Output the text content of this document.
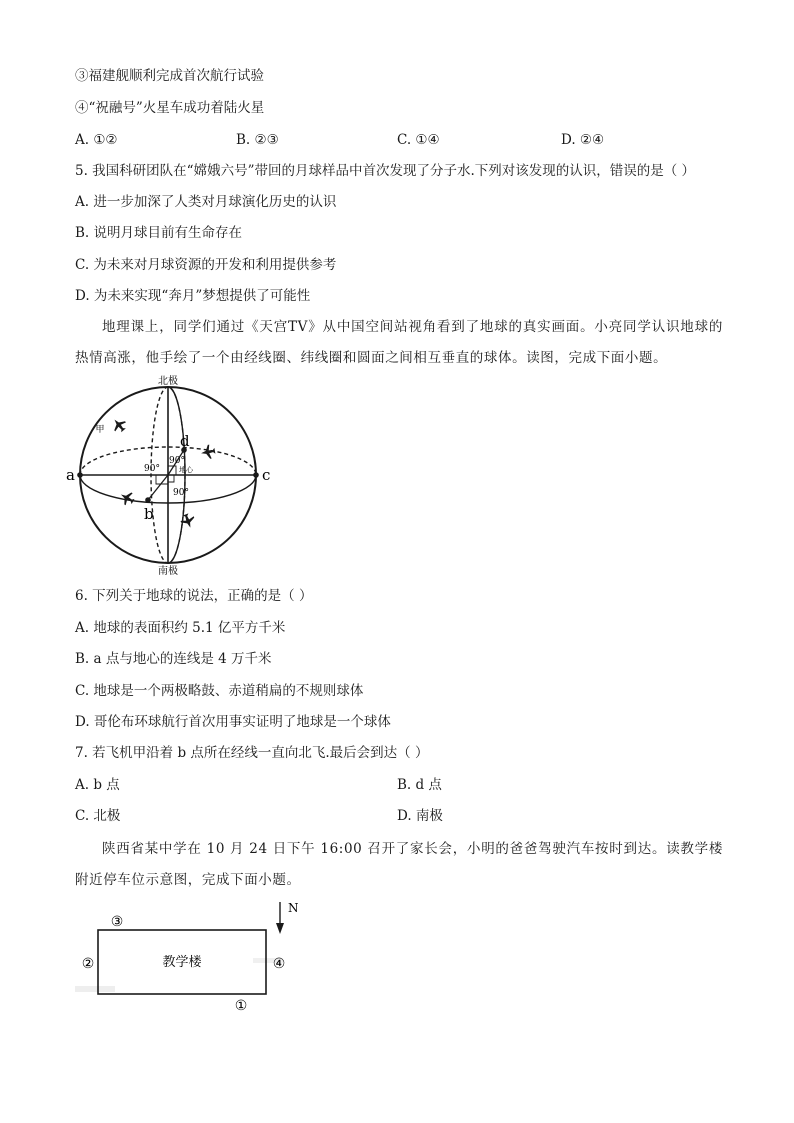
③福建舰顺利完成首次航行试验
④“祝融号”火星车成功着陆火星
A. ①②	B. ②③	C. ①④	D. ②④
5. 我国科研团队在“嫦娥六号”带回的月球样品中首次发现了分子水.下列对该发现的认识，错误的是（ ）
A. 进一步加深了人类对月球演化历史的认识
B. 说明月球目前有生命存在
C. 为未来对月球资源的开发和利用提供参考
D. 为未来实现“奔月”梦想提供了可能性
地理课上，同学们通过《天宫TV》从中国空间站视角看到了地球的真实画面。小亮同学认识地球的热情高涨，他手绘了一个由经线圈、纬线圈和圆面之间相互垂直的球体。读图，完成下面小题。
北极
南极
甲
a	c
d
b
地心
90°
90°
90°
6. 下列关于地球的说法，正确的是（ ）
A. 地球的表面积约 5.1 亿平方千米
B. a 点与地心的连线是 4 万千米
C. 地球是一个两极略鼓、赤道稍扁的不规则球体
D. 哥伦布环球航行首次用事实证明了地球是一个球体
7. 若飞机甲沿着 b 点所在经线一直向北飞.最后会到达（ ）
A. b 点	B. d 点
C. 北极	D. 南极
陕西省某中学在 10 月 24 日下午 16:00 召开了家长会，小明的爸爸驾驶汽车按时到达。读教学楼附近停车位示意图，完成下面小题。
教学楼
N
③
②	④
①
